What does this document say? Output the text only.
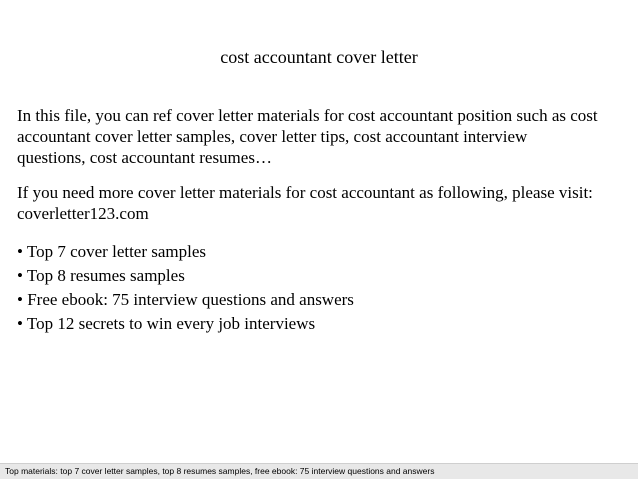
cost accountant cover letter

In this file, you can ref cover letter materials for cost accountant position such as cost
accountant cover letter samples, cover letter tips, cost accountant interview
questions, cost accountant resumes…

If you need more cover letter materials for cost accountant as following, please visit:
coverletter123.com

• Top 7 cover letter samples
• Top 8 resumes samples
• Free ebook: 75 interview questions and answers
• Top 12 secrets to win every job interviews
Top materials: top 7 cover letter samples, top 8 resumes samples, free ebook: 75 interview questions and answers
